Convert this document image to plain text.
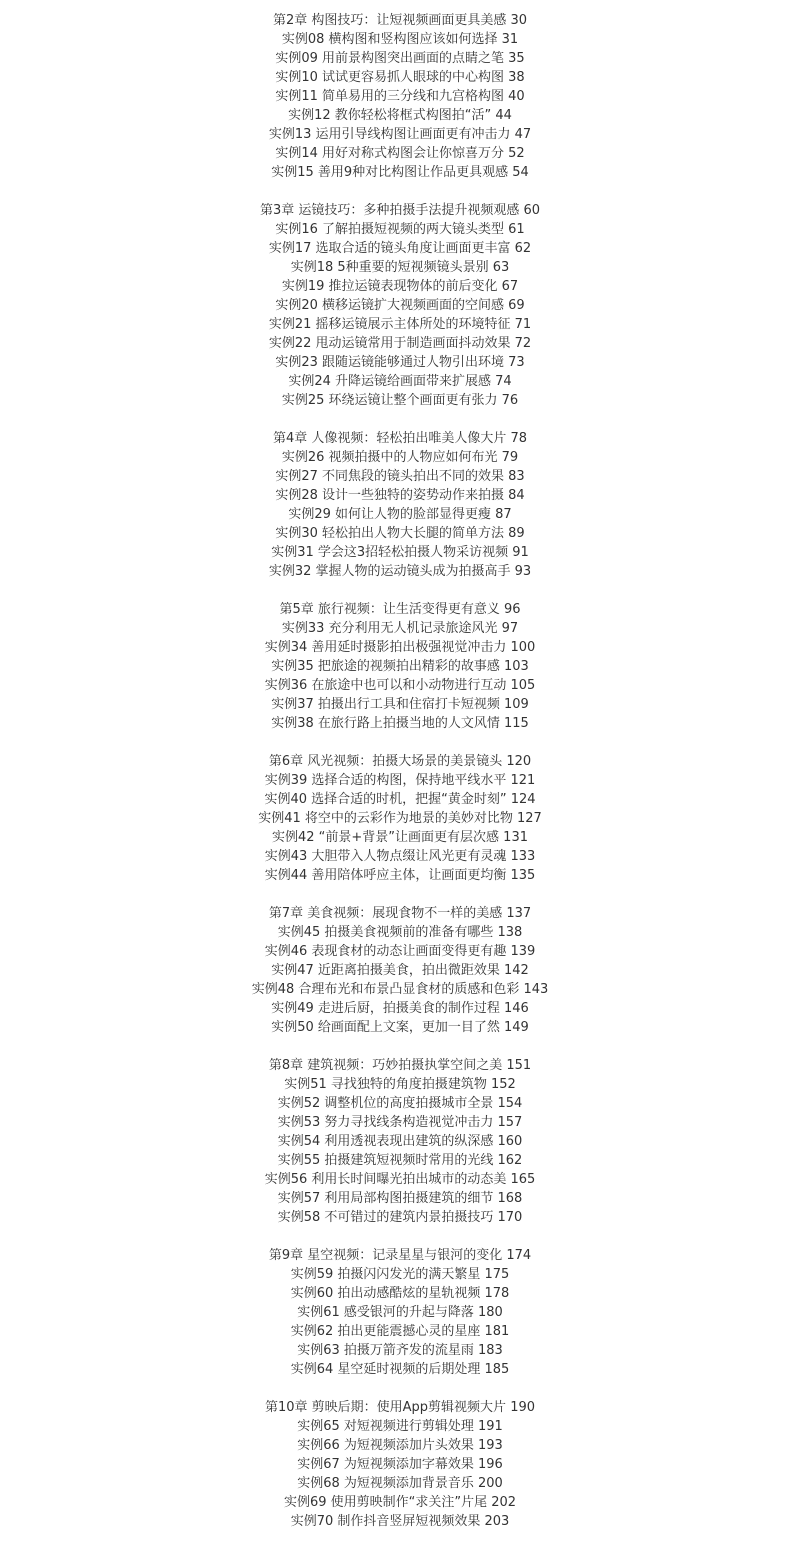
第2章 构图技巧：让短视频画面更具美感 30
实例08 横构图和竖构图应该如何选择 31
实例09 用前景构图突出画面的点睛之笔 35
实例10 试试更容易抓人眼球的中心构图 38
实例11 简单易用的三分线和九宫格构图 40
实例12 教你轻松将框式构图拍“活” 44
实例13 运用引导线构图让画面更有冲击力 47
实例14 用好对称式构图会让你惊喜万分 52
实例15 善用9种对比构图让作品更具观感 54
第3章 运镜技巧：多种拍摄手法提升视频观感 60
实例16 了解拍摄短视频的两大镜头类型 61
实例17 选取合适的镜头角度让画面更丰富 62
实例18 5种重要的短视频镜头景别 63
实例19 推拉运镜表现物体的前后变化 67
实例20 横移运镜扩大视频画面的空间感 69
实例21 摇移运镜展示主体所处的环境特征 71
实例22 甩动运镜常用于制造画面抖动效果 72
实例23 跟随运镜能够通过人物引出环境 73
实例24 升降运镜给画面带来扩展感 74
实例25 环绕运镜让整个画面更有张力 76
第4章 人像视频：轻松拍出唯美人像大片 78
实例26 视频拍摄中的人物应如何布光 79
实例27 不同焦段的镜头拍出不同的效果 83
实例28 设计一些独特的姿势动作来拍摄 84
实例29 如何让人物的脸部显得更瘦 87
实例30 轻松拍出人物大长腿的简单方法 89
实例31 学会这3招轻松拍摄人物采访视频 91
实例32 掌握人物的运动镜头成为拍摄高手 93
第5章 旅行视频：让生活变得更有意义 96
实例33 充分利用无人机记录旅途风光 97
实例34 善用延时摄影拍出极强视觉冲击力 100
实例35 把旅途的视频拍出精彩的故事感 103
实例36 在旅途中也可以和小动物进行互动 105
实例37 拍摄出行工具和住宿打卡短视频 109
实例38 在旅行路上拍摄当地的人文风情 115
第6章 风光视频：拍摄大场景的美景镜头 120
实例39 选择合适的构图，保持地平线水平 121
实例40 选择合适的时机，把握“黄金时刻” 124
实例41 将空中的云彩作为地景的美妙对比物 127
实例42 “前景+背景”让画面更有层次感 131
实例43 大胆带入人物点缀让风光更有灵魂 133
实例44 善用陪体呼应主体，让画面更均衡 135
第7章 美食视频：展现食物不一样的美感 137
实例45 拍摄美食视频前的准备有哪些 138
实例46 表现食材的动态让画面变得更有趣 139
实例47 近距离拍摄美食，拍出微距效果 142
实例48 合理布光和布景凸显食材的质感和色彩 143
实例49 走进后厨，拍摄美食的制作过程 146
实例50 给画面配上文案，更加一目了然 149
第8章 建筑视频：巧妙拍摄执掌空间之美 151
实例51 寻找独特的角度拍摄建筑物 152
实例52 调整机位的高度拍摄城市全景 154
实例53 努力寻找线条构造视觉冲击力 157
实例54 利用透视表现出建筑的纵深感 160
实例55 拍摄建筑短视频时常用的光线 162
实例56 利用长时间曝光拍出城市的动态美 165
实例57 利用局部构图拍摄建筑的细节 168
实例58 不可错过的建筑内景拍摄技巧 170
第9章 星空视频：记录星星与银河的变化 174
实例59 拍摄闪闪发光的满天繁星 175
实例60 拍出动感酷炫的星轨视频 178
实例61 感受银河的升起与降落 180
实例62 拍出更能震撼心灵的星座 181
实例63 拍摄万箭齐发的流星雨 183
实例64 星空延时视频的后期处理 185
第10章 剪映后期：使用App剪辑视频大片 190
实例65 对短视频进行剪辑处理 191
实例66 为短视频添加片头效果 193
实例67 为短视频添加字幕效果 196
实例68 为短视频添加背景音乐 200
实例69 使用剪映制作“求关注”片尾 202
实例70 制作抖音竖屏短视频效果 203
